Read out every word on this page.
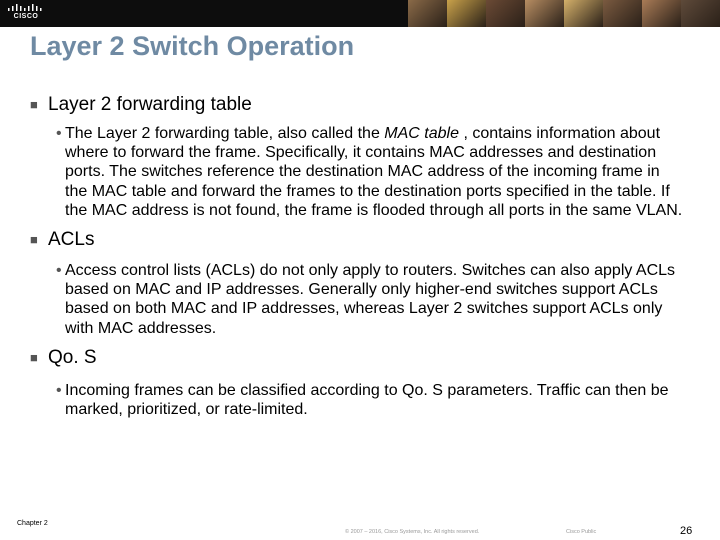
CISCO
Layer 2 Switch Operation
■ Layer 2 forwarding table
• The Layer 2 forwarding table, also called the MAC table , contains information about where to forward the frame. Specifically, it contains MAC addresses and destination ports. The switches reference the destination MAC address of the incoming frame in the MAC table and forward the frames to the destination ports specified in the table. If the MAC address is not found, the frame is flooded through all ports in the same VLAN.
■ ACLs
• Access control lists (ACLs) do not only apply to routers. Switches can also apply ACLs based on MAC and IP addresses. Generally only higher-end switches support ACLs based on both MAC and IP addresses, whereas Layer 2 switches support ACLs only with MAC addresses.
■ Qo. S
• Incoming frames can be classified according to Qo. S parameters. Traffic can then be marked, prioritized, or rate-limited.
Chapter 2
© 2007 – 2016, Cisco Systems, Inc. All rights reserved.	Cisco Public	26
